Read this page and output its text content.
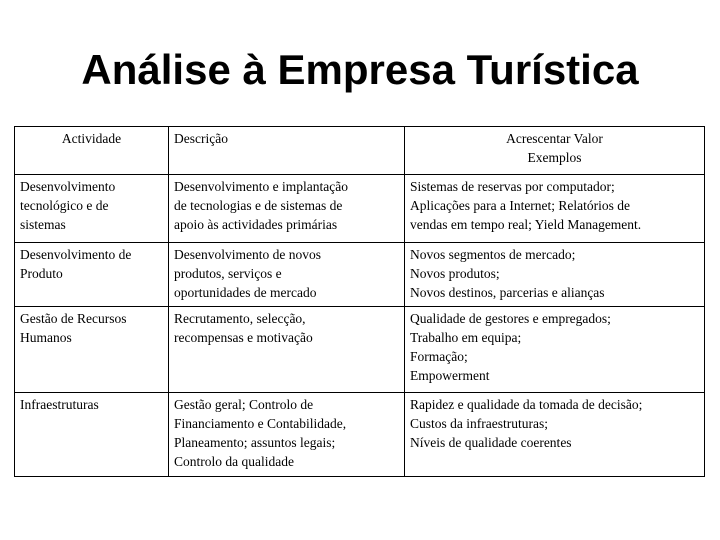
Análise à Empresa Turística
Actividade	Descrição	Acrescentar Valor
Exemplos

Desenvolvimento
tecnológico e de
sistemas	Desenvolvimento e implantação
de tecnologias e de sistemas de
apoio às actividades primárias	Sistemas de reservas por computador;
Aplicações para a Internet; Relatórios de
vendas em tempo real; Yield Management.

Desenvolvimento de
Produto	Desenvolvimento de novos
produtos, serviços e
oportunidades de mercado	Novos segmentos de mercado;
Novos produtos;
Novos destinos, parcerias e alianças

Gestão de Recursos
Humanos	Recrutamento, selecção,
recompensas e motivação	Qualidade de gestores e empregados;
Trabalho em equipa;
Formação;
Empowerment

Infraestruturas	Gestão geral; Controlo de
Financiamento e Contabilidade,
Planeamento; assuntos legais;
Controlo da qualidade	Rapidez e qualidade da tomada de decisão;
Custos da infraestruturas;
Níveis de qualidade coerentes
